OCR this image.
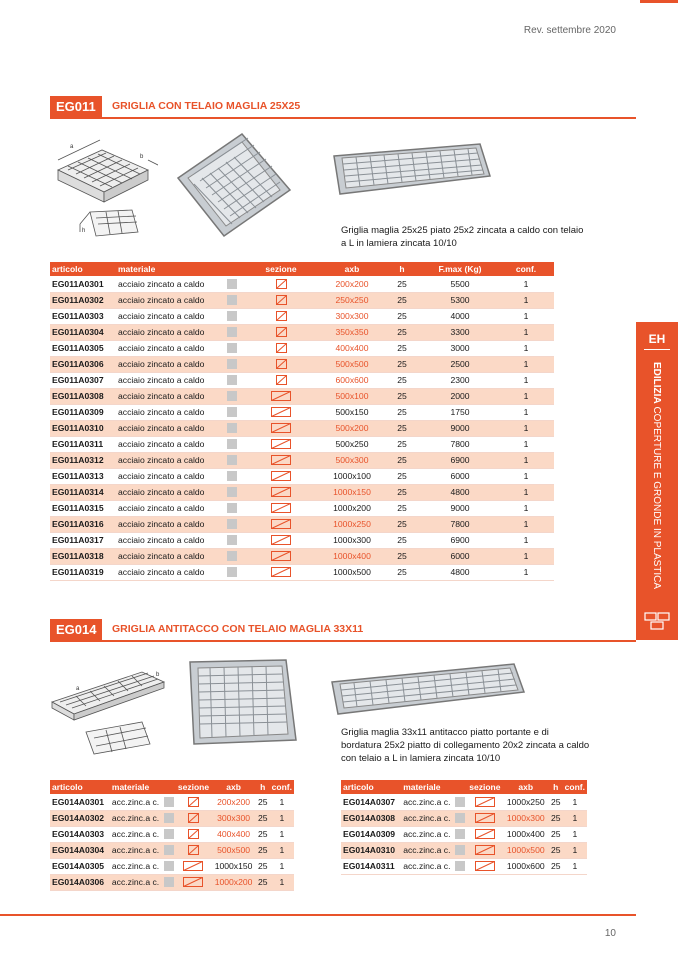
Rev. settembre 2020
EG011	GRIGLIA CON TELAIO MAGLIA 25X25
a
b
h	Griglia maglia 25x25 piato 25x2 zincata a caldo con telaio
a L in lamiera zincata 10/10
articolo	materiale		sezione	axb	h	F.max (Kg)	conf.
EG011A0301	acciaio zincato a caldo			200x200	25	5500	1
EG011A0302	acciaio zincato a caldo			250x250	25	5300	1
EG011A0303	acciaio zincato a caldo			300x300	25	4000	1
EG011A0304	acciaio zincato a caldo			350x350	25	3300	1
EG011A0305	acciaio zincato a caldo			400x400	25	3000	1
EG011A0306	acciaio zincato a caldo			500x500	25	2500	1
EG011A0307	acciaio zincato a caldo			600x600	25	2300	1
EG011A0308	acciaio zincato a caldo			500x100	25	2000	1
EG011A0309	acciaio zincato a caldo			500x150	25	1750	1
EG011A0310	acciaio zincato a caldo			500x200	25	9000	1
EG011A0311	acciaio zincato a caldo			500x250	25	7800	1
EG011A0312	acciaio zincato a caldo			500x300	25	6900	1
EG011A0313	acciaio zincato a caldo			1000x100	25	6000	1
EG011A0314	acciaio zincato a caldo			1000x150	25	4800	1
EG011A0315	acciaio zincato a caldo			1000x200	25	9000	1
EG011A0316	acciaio zincato a caldo			1000x250	25	7800	1
EG011A0317	acciaio zincato a caldo			1000x300	25	6900	1
EG011A0318	acciaio zincato a caldo			1000x400	25	6000	1
EG011A0319	acciaio zincato a caldo			1000x500	25	4800	1
EG014	GRIGLIA ANTITACCO CON TELAIO MAGLIA 33X11
a
b
Griglia maglia 33x11 antitacco piatto portante e di
bordatura 25x2 piatto di collegamento 20x2 zincata a caldo
con telaio a L in lamiera zincata 10/10
articolo	materiale		sezione	axb	h	conf.
EG014A0301	acc.zinc.a c.			200x200	25	1
EG014A0302	acc.zinc.a c.			300x300	25	1
EG014A0303	acc.zinc.a c.			400x400	25	1
EG014A0304	acc.zinc.a c.			500x500	25	1
EG014A0305	acc.zinc.a c.			1000x150	25	1
EG014A0306	acc.zinc.a c.			1000x200	25	1
articolo	materiale		sezione	axb	h	conf.
EG014A0307	acc.zinc.a c.			1000x250	25	1
EG014A0308	acc.zinc.a c.			1000x300	25	1
EG014A0309	acc.zinc.a c.			1000x400	25	1
EG014A0310	acc.zinc.a c.			1000x500	25	1
EG014A0311	acc.zinc.a c.			1000x600	25	1
EH
EDILIZIA COPERTURE E GRONDE IN PLASTICA
10
